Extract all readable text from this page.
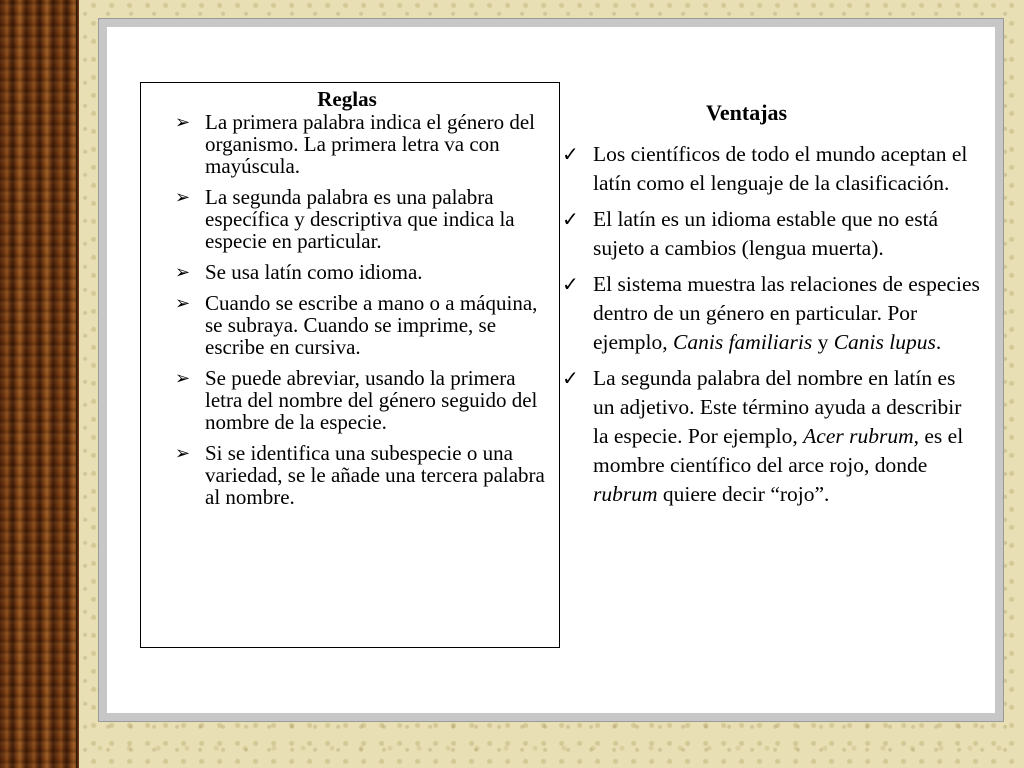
Reglas
➢ La primera palabra indica el género del organismo. La primera letra va con mayúscula.
➢ La segunda palabra es una palabra específica y descriptiva que indica la especie en particular.
➢ Se usa latín como idioma.
➢ Cuando se escribe a mano o a máquina, se subraya. Cuando se imprime, se escribe en cursiva.
➢ Se puede abreviar, usando la primera letra del nombre del género seguido del nombre de la especie.
➢ Si se identifica una subespecie o una variedad, se le añade una tercera palabra al nombre.
Ventajas
✓ Los científicos de todo el mundo aceptan el latín como el lenguaje de la clasificación.
✓ El latín es un idioma estable que no está sujeto a cambios (lengua muerta).
✓ El sistema muestra las relaciones de especies dentro de un género en particular. Por ejemplo, Canis familiaris y Canis lupus.
✓ La segunda palabra del nombre en latín es un adjetivo. Este término ayuda a describir la especie. Por ejemplo, Acer rubrum, es el mombre científico del arce rojo, donde rubrum quiere decir “rojo”.
